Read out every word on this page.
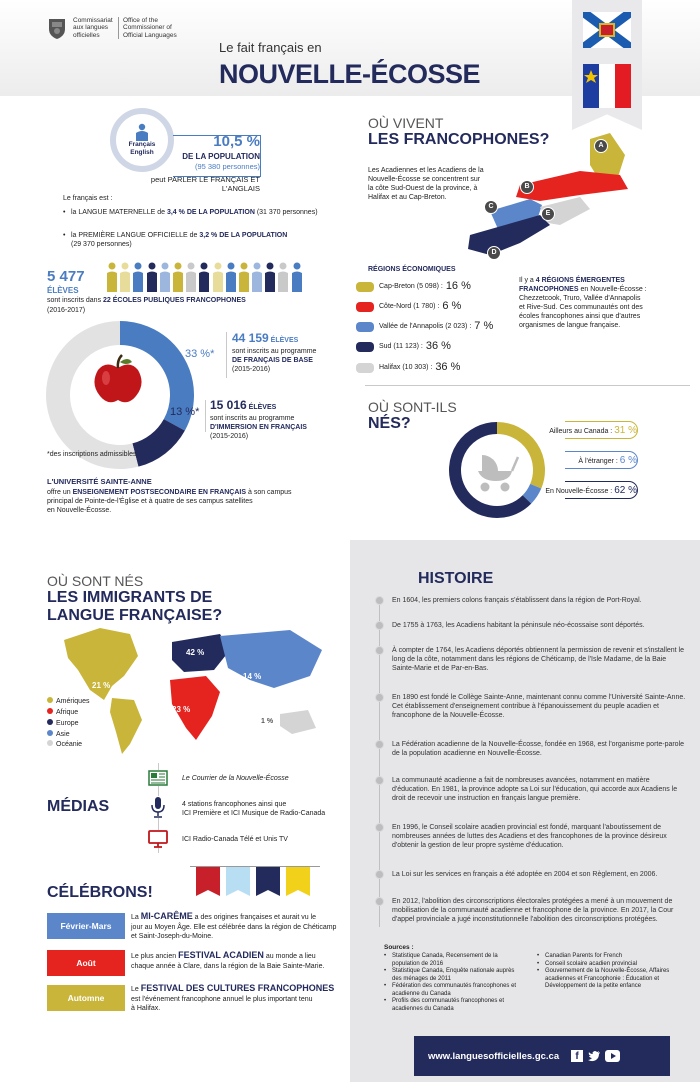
Commissariat
aux langues
officielles
Office of the
Commissioner of
Official Languages
Le fait français en
NOUVELLE-ÉCOSSE
Français
English
10,5 %
DE LA POPULATION
(95 380 personnes)
peut PARLER LE FRANÇAIS ET L'ANGLAIS
Le français est :
• la LANGUE MATERNELLE de 3,4 % DE LA POPULATION (31 370 personnes)
• la PREMIÈRE LANGUE OFFICIELLE de 3,2 % DE LA POPULATION
(29 370 personnes)
5 477
ÉLÈVES
sont inscrits dans 22 ÉCOLES PUBLIQUES FRANCOPHONES
(2016-2017)
33 %*
44 159 ÉLÈVES
sont inscrits au programme
DE FRANÇAIS DE BASE
(2015-2016)
13 %* 15 016 ÉLÈVES
sont inscrits au programme
D'IMMERSION EN FRANÇAIS
(2015-2016)
*des inscriptions admissibles
L'UNIVERSITÉ SAINTE-ANNE
offre un ENSEIGNEMENT POSTSECONDAIRE EN FRANÇAIS à son campus
principal de Pointe-de-l'Église et à quatre de ses campus satellites
en Nouvelle-Écosse.
OÙ VIVENT
LES FRANCOPHONES?
Les Acadiennes et les Acadiens de la
Nouvelle-Écosse se concentrent sur
la côte Sud-Ouest de la province, à
Halifax et au Cap-Breton.
A
B
C
D
E
RÉGIONS ÉCONOMIQUES
Cap-Breton (5 098) : 16 %
Côte-Nord (1 780) : 6 %
Vallée de l'Annapolis (2 023) : 7 %
Sud (11 123) : 36 %
Halifax (10 303) : 36 %
Il y a 4 RÉGIONS ÉMERGENTES
FRANCOPHONES en Nouvelle-Écosse :
Chezzetcook, Truro, Vallée d'Annapolis
et Rive-Sud. Ces communautés ont des
écoles francophones ainsi que d'autres
organismes de langue française.
OÙ SONT-ILS
NÉS?	Ailleurs au Canada : 31 %
À l'étranger : 6 %
En Nouvelle-Écosse : 62 %
OÙ SONT NÉS
LES IMMIGRANTS DE
LANGUE FRANÇAISE?
21 %
23 %
42 %
14 %
1 %
Amériques
Afrique
Europe
Asie
Océanie
MÉDIAS
Le Courrier de la Nouvelle-Écosse
4 stations francophones ainsi que
ICI Première et ICI Musique de Radio-Canada
ICI Radio-Canada Télé et Unis TV
CÉLÉBRONS!
Février-Mars
La MI-CARÊME a des origines françaises et aurait vu le
jour au Moyen Âge. Elle est célébrée dans la région de Chéticamp
et Saint-Joseph-du-Moine.
Août
Le plus ancien FESTIVAL ACADIEN au monde a lieu
chaque année à Clare, dans la région de la Baie Sainte-Marie.
Automne
Le FESTIVAL DES CULTURES FRANCOPHONES
est l'événement francophone annuel le plus important tenu
à Halifax.
HISTOIRE
En 1604, les premiers colons français s'établissent dans la région de Port-Royal.
De 1755 à 1763, les Acadiens habitant la péninsule néo-écossaise sont déportés.
À compter de 1764, les Acadiens déportés obtiennent la permission de revenir et s'installent le long de la côte, notamment dans les régions de Chéticamp, de l'Isle Madame, de la Baie Sainte-Marie et de Par-en-Bas.
En 1890 est fondé le Collège Sainte-Anne, maintenant connu comme l'Université Sainte-Anne. Cet établissement d'enseignement contribue à l'épanouissement du peuple acadien et francophone de la Nouvelle-Écosse.
La Fédération acadienne de la Nouvelle-Écosse, fondée en 1968, est l'organisme porte-parole de la population acadienne en Nouvelle-Écosse.
La communauté acadienne a fait de nombreuses avancées, notamment en matière d'éducation. En 1981, la province adopte sa Loi sur l'éducation, qui accorde aux Acadiens le droit de recevoir une instruction en français langue première.
En 1996, le Conseil scolaire acadien provincial est fondé, marquant l'aboutissement de nombreuses années de luttes des Acadiens et des francophones de la province désireux d'obtenir la gestion de leur propre système d'éducation.
La Loi sur les services en français a été adoptée en 2004 et son Règlement, en 2006.
En 2012, l'abolition des circonscriptions électorales protégées a mené à un mouvement de mobilisation de la communauté acadienne et francophone de la province. En 2017, la Cour d'appel provinciale a jugé inconstitutionnelle l'abolition des circonscriptions protégées.
Sources :
• Statistique Canada, Recensement de la population de 2016
• Statistique Canada, Enquête nationale auprès des ménages de 2011
• Fédération des communautés francophones et acadienne du Canada
• Profils des communautés francophones et acadiennes du Canada
• Canadian Parents for French
• Conseil scolaire acadien provincial
• Gouvernement de la Nouvelle-Écosse, Affaires acadiennes et Francophonie : Éducation et Développement de la petite enfance
www.languesofficielles.gc.ca	f
